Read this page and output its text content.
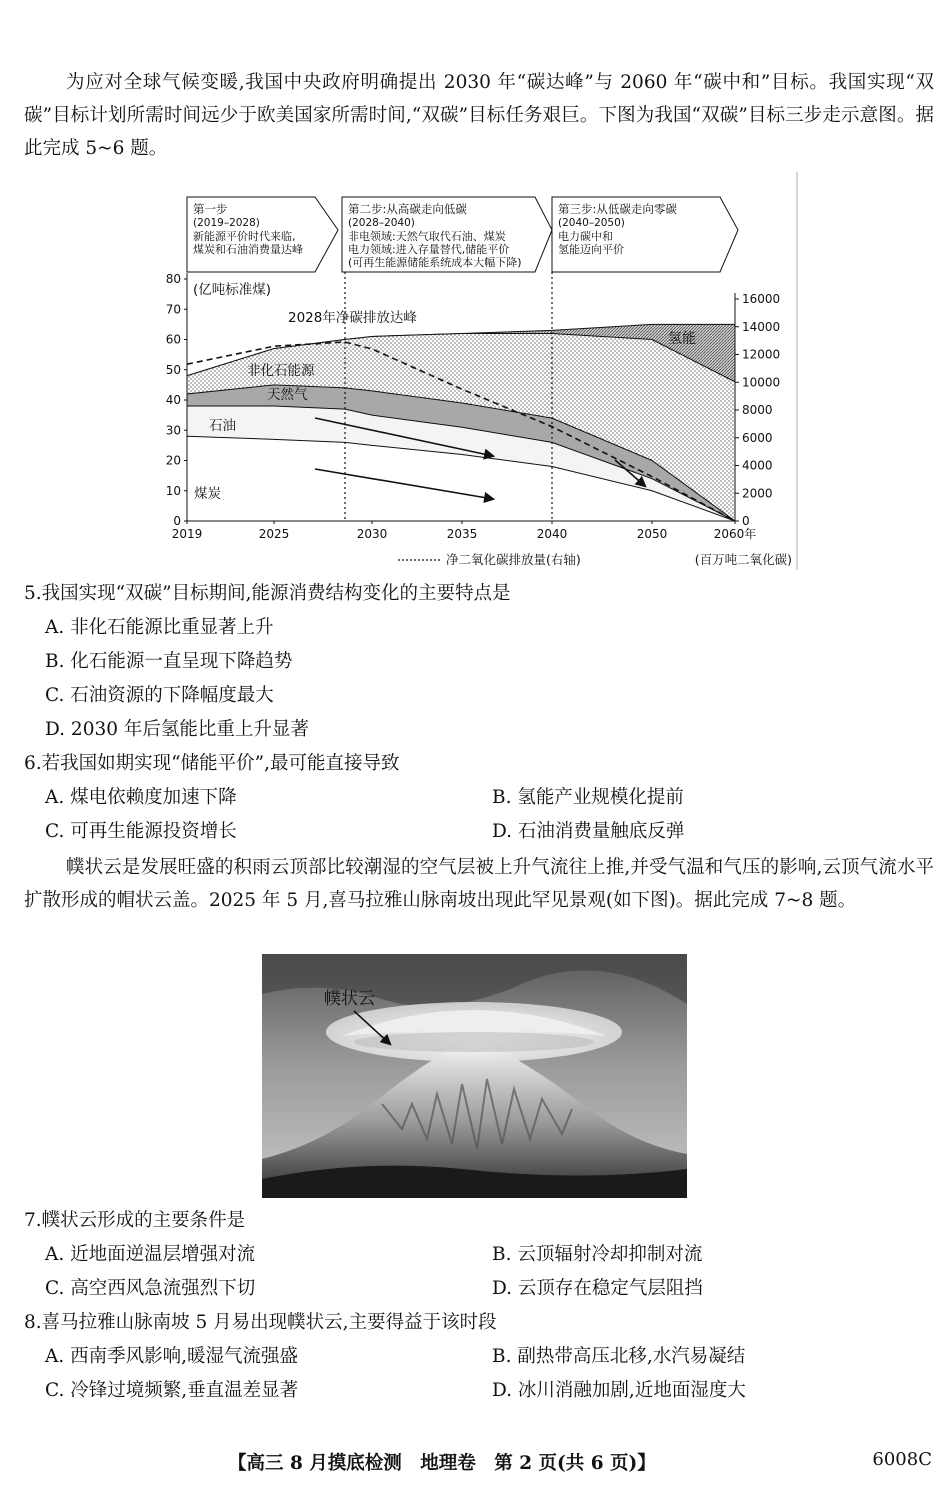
为应对全球气候变暖,我国中央政府明确提出 2030 年“碳达峰”与 2060 年“碳中和”目标。我国实现“双碳”目标计划所需时间远少于欧美国家所需时间,“双碳”目标任务艰巨。下图为我国“双碳”目标三步走示意图。据此完成 5~6 题。
第一步
(2019–2028)
新能源平价时代来临,
煤炭和石油消费量达峰
第二步:从高碳走向低碳
(2028–2040)
非电领域:天然气取代石油、煤炭
电力领域:进入存量替代,储能平价
(可再生能源储能系统成本大幅下降)
第三步:从低碳走向零碳
(2040–2050)
电力碳中和
氢能迈向平价
0
10
20
30
40
50
60
70
80
0
2000
4000
6000
8000
10000
12000
14000
16000
2019	2025	2030	2035	2040	2050	2060年
(亿吨标准煤)
2028年净碳排放达峰
氢能
非化石能源
天然气
石油
煤炭
净二氧化碳排放量(右轴)	(百万吨二氧化碳)
5.我国实现“双碳”目标期间,能源消费结构变化的主要特点是
A. 非化石能源比重显著上升
B. 化石能源一直呈现下降趋势
C. 石油资源的下降幅度最大
D. 2030 年后氢能比重上升显著
6.若我国如期实现“储能平价”,最可能直接导致
A. 煤电依赖度加速下降	B. 氢能产业规模化提前
C. 可再生能源投资增长	D. 石油消费量触底反弹
幞状云是发展旺盛的积雨云顶部比较潮湿的空气层被上升气流往上推,并受气温和气压的影响,云顶气流水平扩散形成的帽状云盖。2025 年 5 月,喜马拉雅山脉南坡出现此罕见景观(如下图)。据此完成 7~8 题。
幞状云
7.幞状云形成的主要条件是
A. 近地面逆温层增强对流	B. 云顶辐射冷却抑制对流
C. 高空西风急流强烈下切	D. 云顶存在稳定气层阻挡
8.喜马拉雅山脉南坡 5 月易出现幞状云,主要得益于该时段
A. 西南季风影响,暖湿气流强盛	B. 副热带高压北移,水汽易凝结
C. 冷锋过境频繁,垂直温差显著	D. 冰川消融加剧,近地面湿度大
【高三 8 月摸底检测　地理卷　第 2 页(共 6 页)】	6008C
